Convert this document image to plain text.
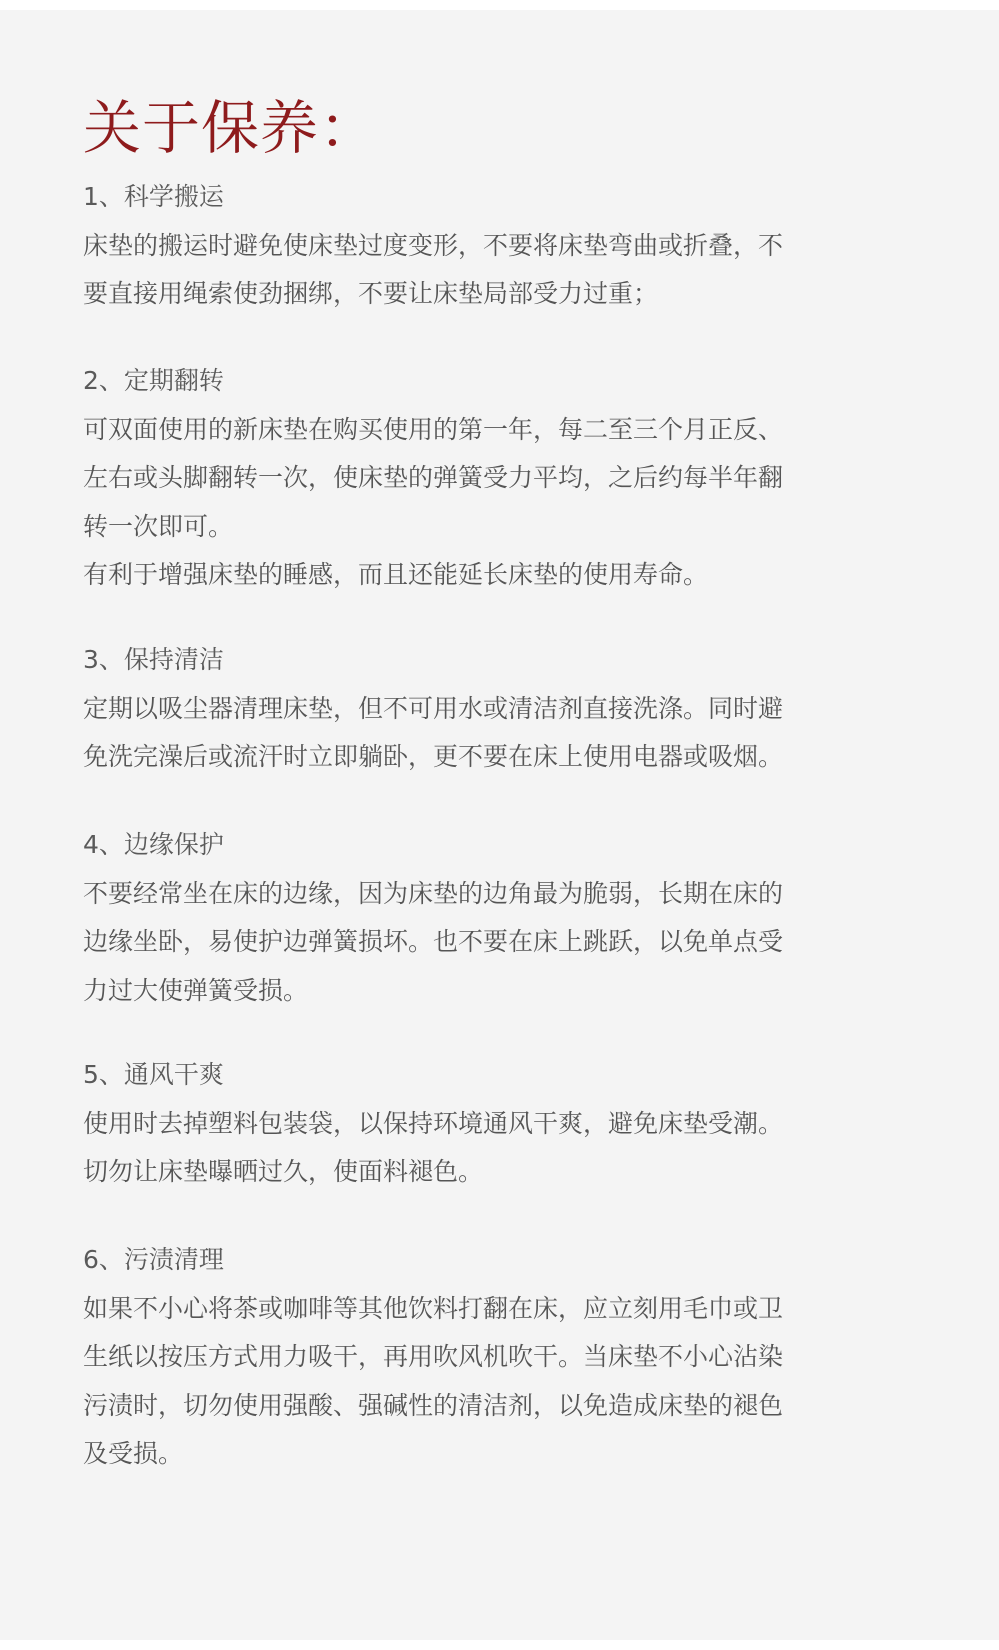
关于保养：
1、科学搬运
床垫的搬运时避免使床垫过度变形，不要将床垫弯曲或折叠，不
要直接用绳索使劲捆绑，不要让床垫局部受力过重；
2、定期翻转
可双面使用的新床垫在购买使用的第一年，每二至三个月正反、
左右或头脚翻转一次，使床垫的弹簧受力平均，之后约每半年翻
转一次即可。
有利于增强床垫的睡感，而且还能延长床垫的使用寿命。
3、保持清洁
定期以吸尘器清理床垫，但不可用水或清洁剂直接洗涤。同时避
免洗完澡后或流汗时立即躺卧，更不要在床上使用电器或吸烟。
4、边缘保护
不要经常坐在床的边缘，因为床垫的边角最为脆弱，长期在床的
边缘坐卧，易使护边弹簧损坏。也不要在床上跳跃，以免单点受
力过大使弹簧受损。
5、通风干爽
使用时去掉塑料包装袋，以保持环境通风干爽，避免床垫受潮。
切勿让床垫曝晒过久，使面料褪色。
6、污渍清理
如果不小心将茶或咖啡等其他饮料打翻在床，应立刻用毛巾或卫
生纸以按压方式用力吸干，再用吹风机吹干。当床垫不小心沾染
污渍时，切勿使用强酸、强碱性的清洁剂，以免造成床垫的褪色
及受损。
